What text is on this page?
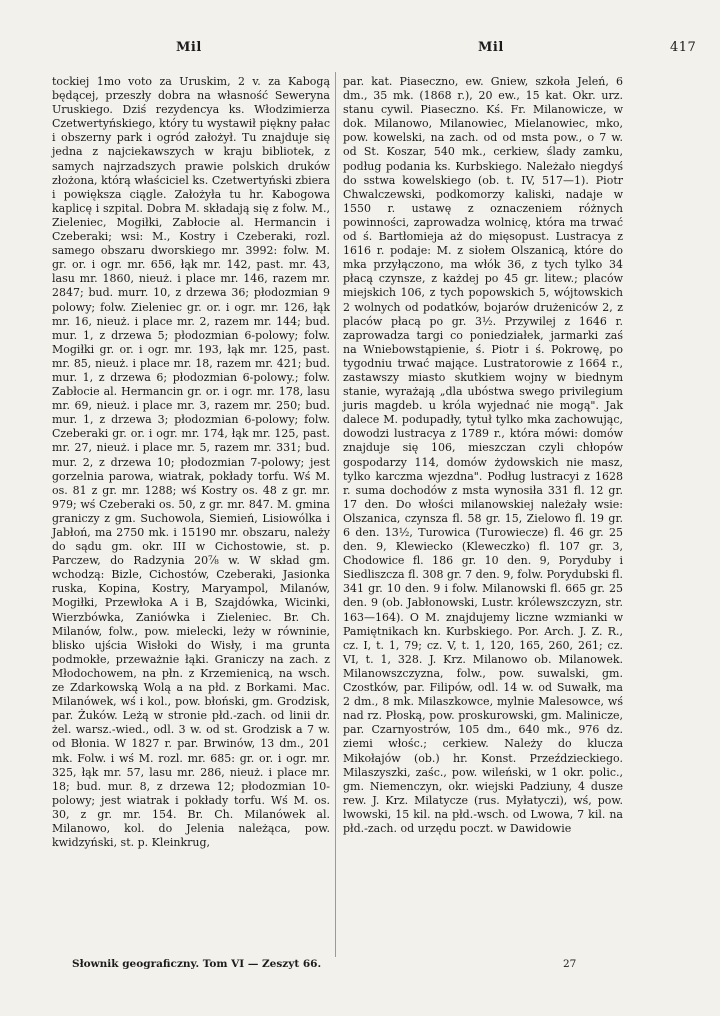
Mil	Mil	417

tockiej 1mo voto za Uruskim, 2 v. za Kabogą będącej, przeszły dobra na własność Seweryna Uruskiego. Dziś rezydencya ks. Włodzimierza Czetwertyńskiego, który tu wystawił piękny pałac i obszerny park i ogród założył. Tu znajduje się jedna z najciekawszych w kraju bibliotek, z samych najrzadszych prawie polskich druków złożona, którą właściciel ks. Czetwertyński zbiera i powiększa ciągle. Założyła tu hr. Kabogowa kaplicę i szpital. Dobra M. składają się z folw. M., Zieleniec, Mogiłki, Zabłocie al. Hermancin i Czeberaki; wsi: M., Kostry i Czeberaki, rozl. samego obszaru dworskiego mr. 3992: folw. M. gr. or. i ogr. mr. 656, łąk mr. 142, past. mr. 43, lasu mr. 1860, nieuż. i place mr. 146, razem mr. 2847; bud. murr. 10, z drzewa 36; płodozmian 9 polowy; folw. Zieleniec gr. or. i ogr. mr. 126, łąk mr. 16, nieuż. i place mr. 2, razem mr. 144; bud. mur. 1, z drzewa 5; płodozmian 6-polowy; folw. Mogiłki gr. or. i ogr. mr. 193, łąk mr. 125, past. mr. 85, nieuż. i place mr. 18, razem mr. 421; bud. mur. 1, z drzewa 6; płodozmian 6-polowy.; folw. Zabłocie al. Hermancin gr. or. i ogr. mr. 178, lasu mr. 69, nieuż. i place mr. 3, razem mr. 250; bud. mur. 1, z drzewa 3; płodozmian 6-polowy; folw. Czeberaki gr. or. i ogr. mr. 174, łąk mr. 125, past. mr. 27, nieuż. i place mr. 5, razem mr. 331; bud. mur. 2, z drzewa 10; płodozmian 7-polowy; jest gorzelnia parowa, wiatrak, pokłady torfu. Wś M. os. 81 z gr. mr. 1288; wś Kostry os. 48 z gr. mr. 979; wś Czeberaki os. 50, z gr. mr. 847. M. gmina graniczy z gm. Suchowola, Siemień, Lisiowólka i Jabłoń, ma 2750 mk. i 15190 mr. obszaru, należy do sądu gm. okr. III w Cichostowie, st. p. Parczew, do Radzynia 20⅞ w. W skład gm. wchodzą: Bizle, Cichostów, Czeberaki, Jasionka ruska, Kopina, Kostry, Maryampol, Milanów, Mogiłki, Przewłoka A i B, Szajdówka, Wicinki, Wierzbówka, Zaniówka i Zieleniec. Br. Ch. Milanów, folw., pow. mielecki, leży w równinie, blisko ujścia Wisłoki do Wisły, i ma grunta podmokłe, przeważnie łąki. Graniczy na zach. z Młodochowem, na płn. z Krzemienicą, na wsch. ze Zdarkowską Wolą a na płd. z Borkami. Mac. Milanówek, wś i kol., pow. błoński, gm. Grodzisk, par. Żuków. Leżą w stronie płd.-zach. od linii dr. żel. warsz.-wied., odl. 3 w. od st. Grodzisk a 7 w. od Błonia. W 1827 r. par. Brwinów, 13 dm., 201 mk. Folw. i wś M. rozl. mr. 685: gr. or. i ogr. mr. 325, łąk mr. 57, lasu mr. 286, nieuż. i place mr. 18; bud. mur. 8, z drzewa 12; płodozmian 10-polowy; jest wiatrak i pokłady torfu. Wś M. os. 30, z gr. mr. 154. Br. Ch. Milanówek al. Milanowo, kol. do Jelenia należąca, pow. kwidzyński, st. p. Kleinkrug,

par. kat. Piaseczno, ew. Gniew, szkoła Jeleń, 6 dm., 35 mk. (1868 r.), 20 ew., 15 kat. Okr. urz. stanu cywil. Piaseczno. Kś. Fr. Milanowicze, w dok. Milanowo, Milanowiec, Mielanowiec, mko, pow. kowelski, na zach. od od msta pow., o 7 w. od St. Koszar, 540 mk., cerkiew, ślady zamku, podług podania ks. Kurbskiego. Należało niegdyś do sstwa kowelskiego (ob. t. IV, 517—1). Piotr Chwalczewski, podkomorzy kaliski, nadaje w 1550 r. ustawę z oznaczeniem różnych powinności, zaprowadza wolnicę, która ma trwać od ś. Bartłomieja aż do mięsopust. Lustracya z 1616 r. podaje: M. z siołem Olszanicą, które do mka przyłączono, ma włók 36, z tych tylko 34 płacą czynsze, z każdej po 45 gr. litew.; placów miejskich 106, z tych popowskich 5, wójtowskich 2 wolnych od podatków, bojarów drużeniców 2, z placów płacą po gr. 3½. Przywilej z 1646 r. zaprowadza targi co poniedziałek, jarmarki zaś na Wniebowstąpienie, ś. Piotr i ś. Pokrowę, po tygodniu trwać mające. Lustratorowie z 1664 r., zastawszy miasto skutkiem wojny w biednym stanie, wyrażają „dla ubóstwa swego privilegium juris magdeb. u króla wyjednać nie mogą". Jak dalece M. podupadły, tytuł tylko mka zachowując, dowodzi lustracya z 1789 r., która mówi: domów znajduje się 106, mieszczan czyli chłopów gospodarzy 114, domów żydowskich nie masz, tylko karczma wjezdna". Podług lustracyi z 1628 r. suma dochodów z msta wynosiła 331 fl. 12 gr. 17 den. Do włości milanowskiej należały wsie: Olszanica, czynsza fl. 58 gr. 15, Zielowo fl. 19 gr. 6 den. 13½, Turowica (Turowiecze) fl. 46 gr. 25 den. 9, Klewiecko (Kleweczko) fl. 107 gr. 3, Chodowice fl. 186 gr. 10 den. 9, Poryduby i Siedliszcza fl. 308 gr. 7 den. 9, folw. Porydubski fl. 341 gr. 10 den. 9 i folw. Milanowski fl. 665 gr. 25 den. 9 (ob. Jabłonowski, Lustr. królewszczyzn, str. 163—164). O M. znajdujemy liczne wzmianki w Pamiętnikach kn. Kurbskiego. Por. Arch. J. Z. R., cz. I, t. 1, 79; cz. V, t. 1, 120, 165, 260, 261; cz. VI, t. 1, 328. J. Krz. Milanowo ob. Milanowek. Milanowszczyzna, folw., pow. suwalski, gm. Czostków, par. Filipów, odl. 14 w. od Suwałk, ma 2 dm., 8 mk. Milaszkowce, mylnie Malesowce, wś nad rz. Płoską, pow. proskurowski, gm. Malinicze, par. Czarnyostrów, 105 dm., 640 mk., 976 dz. ziemi włośc.; cerkiew. Należy do klucza Mikołajów (ob.) hr. Konst. Przeździeckiego. Milaszyszki, zaśc., pow. wileński, w 1 okr. polic., gm. Niemenczyn, okr. wiejski Padziuny, 4 dusze rew. J. Krz. Milatycze (rus. Myłatyczi), wś, pow. lwowski, 15 kil. na płd.-wsch. od Lwowa, 7 kil. na płd.-zach. od urzędu poczt. w Dawidowie

Słownik geograficzny. Tom VI — Zeszyt 66.	27
